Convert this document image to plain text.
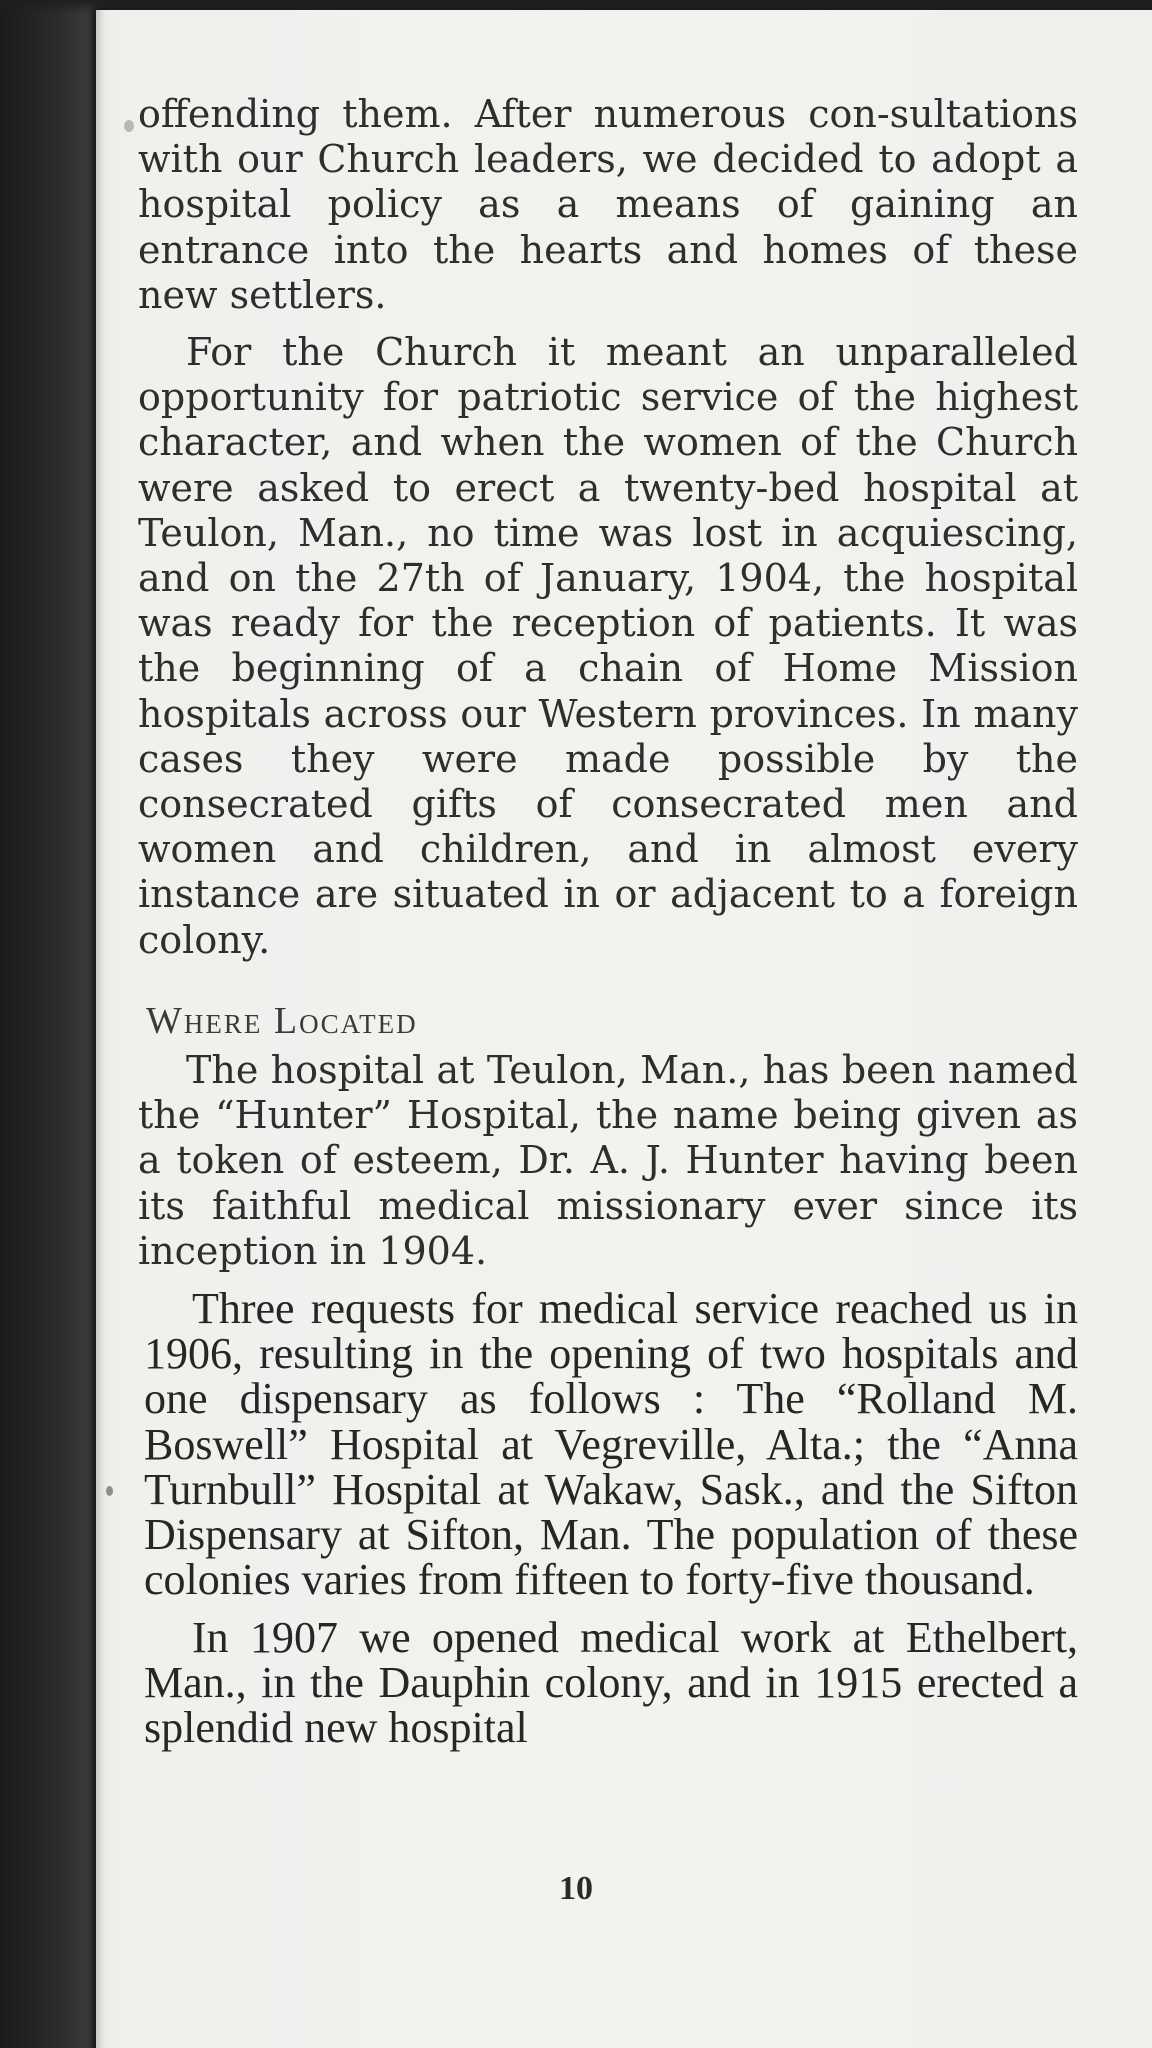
offending them. After numerous con-sultations with our Church leaders, we decided to adopt a hospital policy as a means of gaining an entrance into the hearts and homes of these new settlers.

For the Church it meant an unparalleled opportunity for patriotic service of the highest character, and when the women of the Church were asked to erect a twenty-bed hospital at Teulon, Man., no time was lost in acquiescing, and on the 27th of January, 1904, the hospital was ready for the reception of patients. It was the beginning of a chain of Home Mission hospitals across our Western provinces. In many cases they were made possible by the consecrated gifts of consecrated men and women and children, and in almost every instance are situated in or adjacent to a foreign colony.

Where Located

The hospital at Teulon, Man., has been named the “Hunter” Hospital, the name being given as a token of esteem, Dr. A. J. Hunter having been its faithful medical missionary ever since its inception in 1904.

Three requests for medical service reached us in 1906, resulting in the opening of two hospitals and one dispensary as follows : The “Rolland M. Boswell” Hospital at Vegreville, Alta.; the “Anna Turnbull” Hospital at Wakaw, Sask., and the Sifton Dispensary at Sifton, Man. The population of these colonies varies from fifteen to forty-five thousand.

In 1907 we opened medical work at Ethelbert, Man., in the Dauphin colony, and in 1915 erected a splendid new hospital

10
